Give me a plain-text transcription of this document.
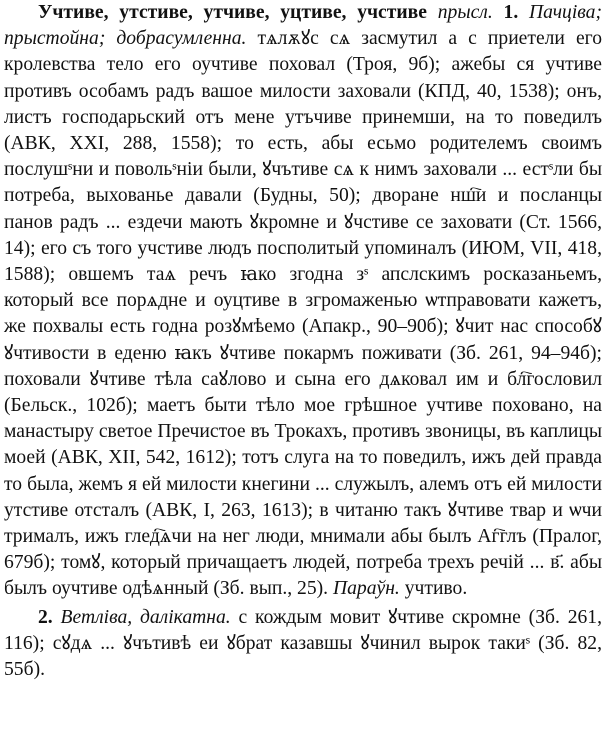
Учтиве, утстиве, утчиве, уцтиве, учстиве прысл. 1. Пачціва; прыстойна; добрасумленна. тѧлѫꙋс сѧ засмутил а с приетели его кролевства тело его оучтиве поховал (Троя, 9б); ажебы ся учтиве противъ особамъ радъ вашое милости заховали (КПД, 40, 1538); онъ, листъ господарьский отъ мене утъчиве принемши, на то поведилъ (АВК, XXI, 288, 1558); то есть, абы есьмо родителемъ своимъ послушˢни и повольˢніи были, ꙋчътиве сѧ к нимъ заховали ... естˢли бы потреба, выхованье давали (Будны, 50); дворане нш҇и и посланцы панов радъ ... ездечи мають ꙋкромне и ꙋчстиве се заховати (Ст. 1566, 14); его съ того учстиве людъ посполитый упоминалъ (ИЮМ, VII, 418, 1588); овшемъ таѧ речъ ꙗко згодна зˢ апслскимъ росказаньемъ, который все порѧдне и оуцтиве в згромаженью ѡтправовати кажетъ, же похвалы есть годна розꙋмѣемо (Апакр., 90–90б); ꙋчит нас способꙋ ꙋчтивости в еденю ꙗкъ ꙋчтиве покармъ поживати (Зб. 261, 94–94б); поховали ꙋчтиве тѣла саꙋлово и сына его дѧковал им и бл҇гословил (Бельск., 102б); маетъ быти тѣло мое грѣшное учтиве поховано, на манастыру светое Пречистое въ Трокахъ, противъ звоницы, въ каплицы моей (АВК, XII, 542, 1612); тотъ слуга на то поведилъ, ижъ дей правда то была, жемъ я ей милости кнегини ... служылъ, алемъ отъ ей милости утстиве отсталъ (АВК, I, 263, 1613); в читаню такъ ꙋчтиве твар и ѡчи трималъ, ижъ глед҇ѧчи на нег люди, мнимали абы былъ Аг҇глъ (Пралог, 679б); томꙋ, который причащаетъ людей, потреба трехъ речій ... в҃. абы былъ оучтиве одѣѧнный (Зб. вып., 25). Параўн. учтиво.

2. Ветліва, далікатна. с кождым мовит ꙋчтиве скромне (Зб. 261, 116); сꙋдѧ ... ꙋчътивѣ еи ꙋбрат казавшы ꙋчинил вырок такиˢ (Зб. 82, 55б).
